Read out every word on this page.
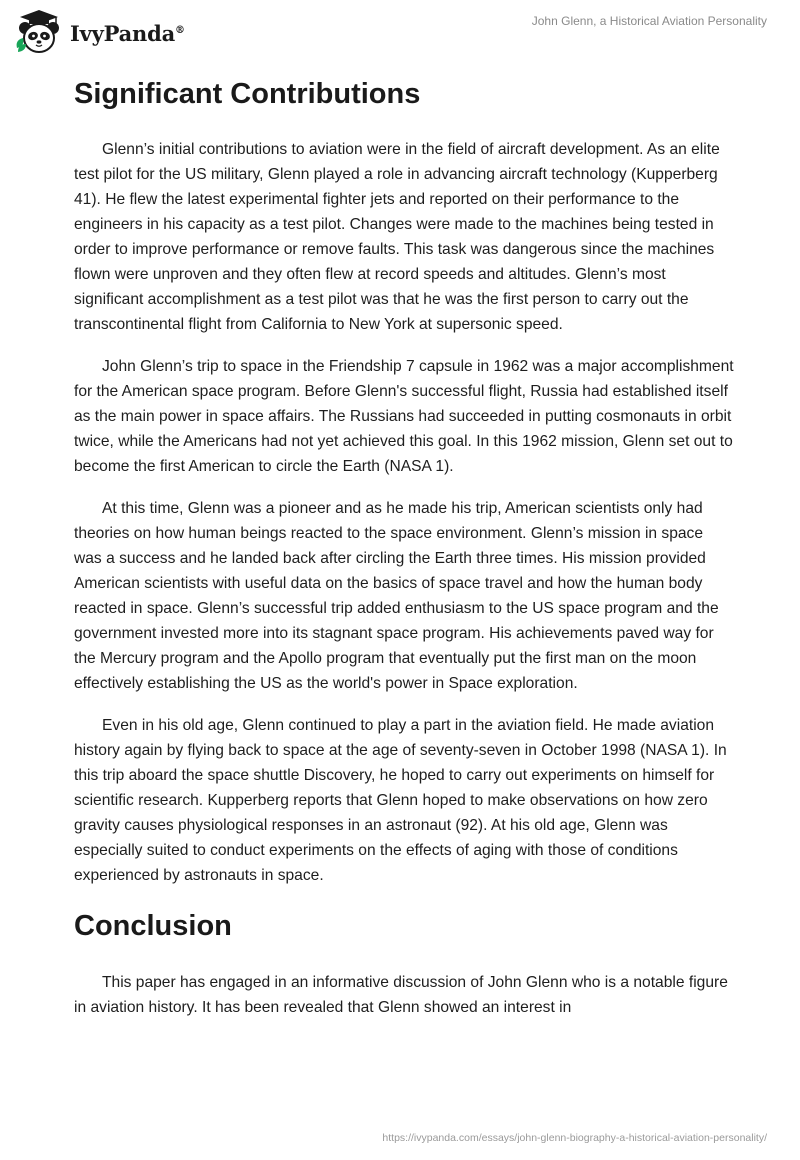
IvyPanda®
John Glenn, a Historical Aviation Personality
Significant Contributions

Glenn’s initial contributions to aviation were in the field of aircraft development. As an elite test pilot for the US military, Glenn played a role in advancing aircraft technology (Kupperberg 41). He flew the latest experimental fighter jets and reported on their performance to the engineers in his capacity as a test pilot. Changes were made to the machines being tested in order to improve performance or remove faults. This task was dangerous since the machines flown were unproven and they often flew at record speeds and altitudes. Glenn’s most significant accomplishment as a test pilot was that he was the first person to carry out the transcontinental flight from California to New York at supersonic speed.

John Glenn’s trip to space in the Friendship 7 capsule in 1962 was a major accomplishment for the American space program. Before Glenn's successful flight, Russia had established itself as the main power in space affairs. The Russians had succeeded in putting cosmonauts in orbit twice, while the Americans had not yet achieved this goal. In this 1962 mission, Glenn set out to become the first American to circle the Earth (NASA 1).

At this time, Glenn was a pioneer and as he made his trip, American scientists only had theories on how human beings reacted to the space environment. Glenn’s mission in space was a success and he landed back after circling the Earth three times. His mission provided American scientists with useful data on the basics of space travel and how the human body reacted in space. Glenn’s successful trip added enthusiasm to the US space program and the government invested more into its stagnant space program. His achievements paved way for the Mercury program and the Apollo program that eventually put the first man on the moon effectively establishing the US as the world's power in Space exploration.

Even in his old age, Glenn continued to play a part in the aviation field. He made aviation history again by flying back to space at the age of seventy-seven in October 1998 (NASA 1). In this trip aboard the space shuttle Discovery, he hoped to carry out experiments on himself for scientific research. Kupperberg reports that Glenn hoped to make observations on how zero gravity causes physiological responses in an astronaut (92). At his old age, Glenn was especially suited to conduct experiments on the effects of aging with those of conditions experienced by astronauts in space.

Conclusion

This paper has engaged in an informative discussion of John Glenn who is a notable figure in aviation history. It has been revealed that Glenn showed an interest in

https://ivypanda.com/essays/john-glenn-biography-a-historical-aviation-personality/
